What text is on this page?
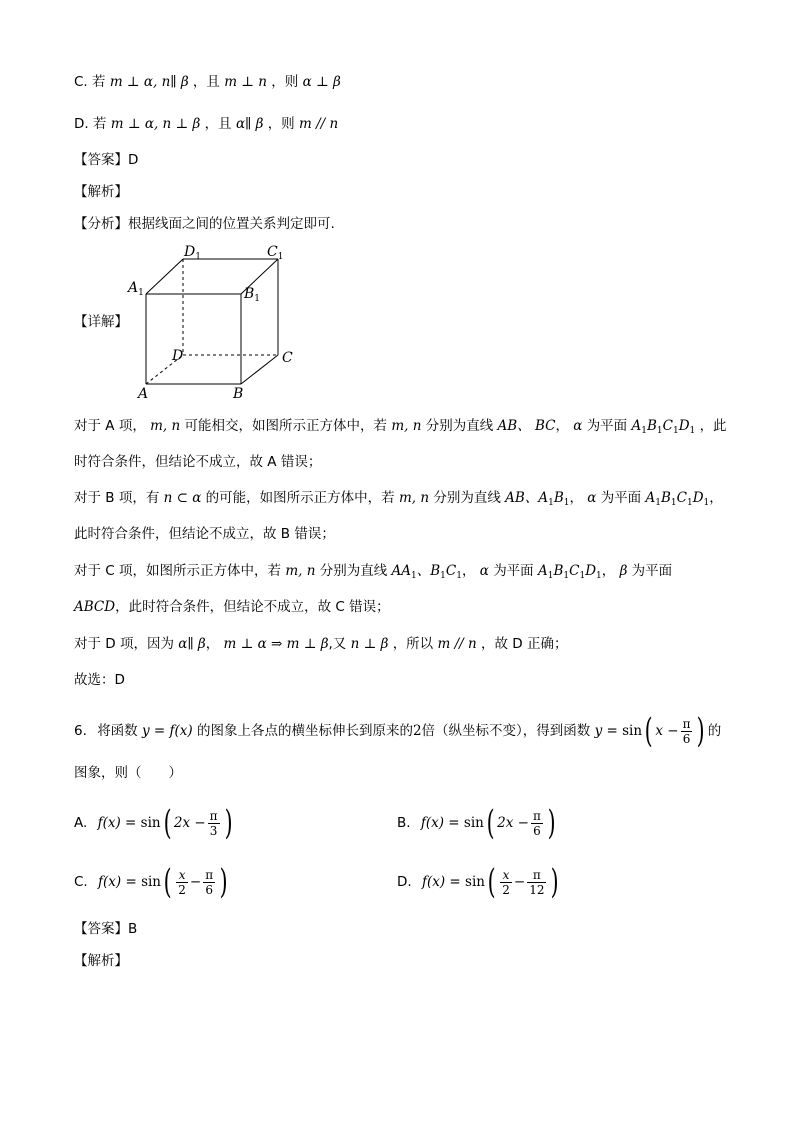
C. 若 m ⊥ α, n∥ β ，且 m ⊥ n ，则 α ⊥ β
D. 若 m ⊥ α, n ⊥ β ，且 α∥ β ，则 m // n
【答案】D
【解析】
【分析】根据线面之间的位置关系判定即可.
【详解】
$D_1$	$C_1$
$A_1$	$B_1$
D	C
A	B
对于 A 项， m, n 可能相交，如图所示正方体中，若 m, n 分别为直线 AB、 BC， α 为平面 $A_1B_1C_1D_1$ ，此
时符合条件，但结论不成立，故 A 错误；
对于 B 项，有 n ⊂ α 的可能，如图所示正方体中，若 m, n 分别为直线 AB、$A_1B_1$， α 为平面 $A_1B_1C_1D_1$，
此时符合条件，但结论不成立，故 B 错误；
对于 C 项，如图所示正方体中，若 m, n 分别为直线 $AA_1$、$B_1C_1$， α 为平面 $A_1B_1C_1D_1$， β 为平面
ABCD，此时符合条件，但结论不成立，故 C 错误；
对于 D 项，因为 α∥ β， m ⊥ α ⇒ m ⊥ β,又 n ⊥ β ，所以 m // n ，故 D 正确；
故选：D
6. 将函数 y = f(x) 的图象上各点的横坐标伸长到原来的2倍（纵坐标不变），得到函数 y = sin( $x - \frac{\pi}{6}$ ) 的
图象，则（　　）
A. f(x) = sin( $2x - \frac{\pi}{3}$ )	B. f(x) = sin( $2x - \frac{\pi}{6}$ )
C. $f(x) = \sin( \frac{x}{2} - \frac{\pi}{6}$ )	D. $f(x) = \sin( \frac{x}{2} - \frac{\pi}{12}$ )
【答案】B
【解析】
